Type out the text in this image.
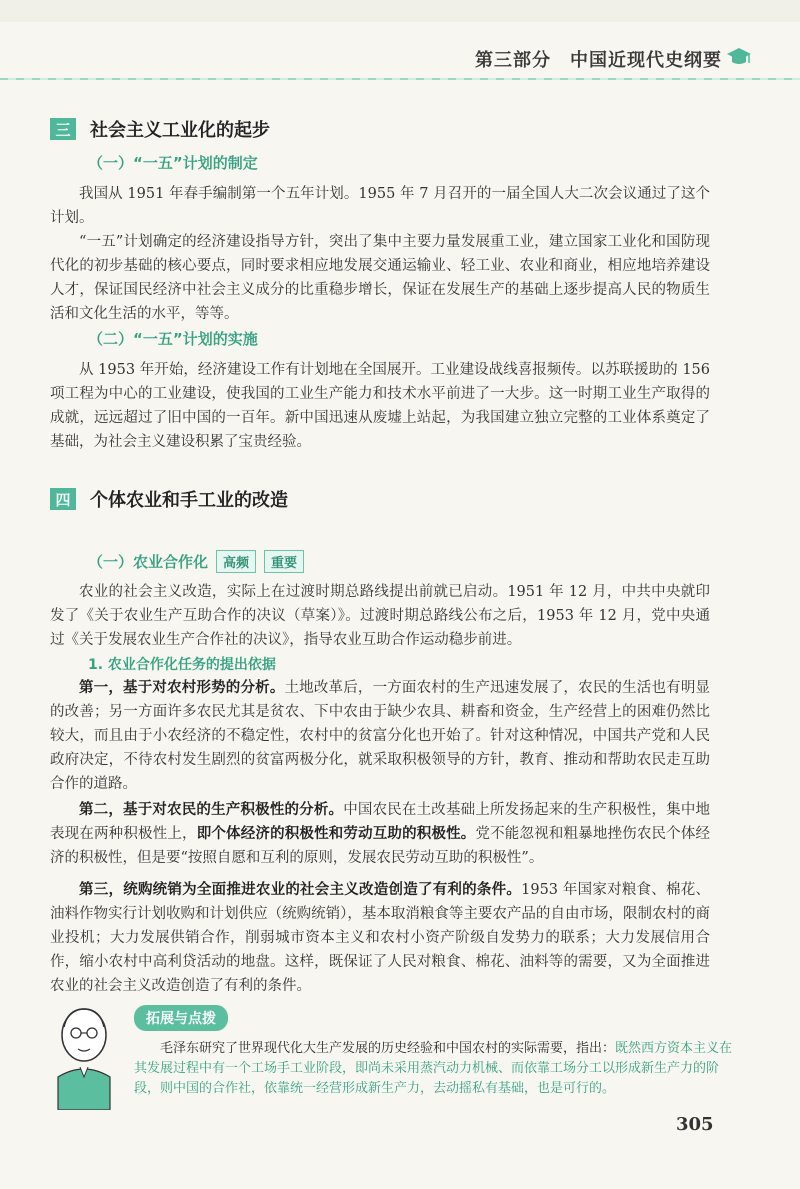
第三部分　中国近现代史纲要
三	社会主义工业化的起步
（一）“一五”计划的制定
我国从 1951 年春手编制第一个五年计划。1955 年 7 月召开的一届全国人大二次会议通过了这个计划。
“一五”计划确定的经济建设指导方针，突出了集中主要力量发展重工业，建立国家工业化和国防现代化的初步基础的核心要点，同时要求相应地发展交通运输业、轻工业、农业和商业，相应地培养建设人才，保证国民经济中社会主义成分的比重稳步增长，保证在发展生产的基础上逐步提高人民的物质生活和文化生活的水平，等等。
（二）“一五”计划的实施
从 1953 年开始，经济建设工作有计划地在全国展开。工业建设战线喜报频传。以苏联援助的 156 项工程为中心的工业建设，使我国的工业生产能力和技术水平前进了一大步。这一时期工业生产取得的成就，远远超过了旧中国的一百年。新中国迅速从废墟上站起，为我国建立独立完整的工业体系奠定了基础，为社会主义建设积累了宝贵经验。
四	个体农业和手工业的改造
（一）农业合作化	高频	重要
农业的社会主义改造，实际上在过渡时期总路线提出前就已启动。1951 年 12 月，中共中央就印发了《关于农业生产互助合作的决议（草案）》。过渡时期总路线公布之后，1953 年 12 月，党中央通过《关于发展农业生产合作社的决议》，指导农业互助合作运动稳步前进。
1. 农业合作化任务的提出依据
第一，基于对农村形势的分析。土地改革后，一方面农村的生产迅速发展了，农民的生活也有明显的改善；另一方面许多农民尤其是贫农、下中农由于缺少农具、耕畜和资金，生产经营上的困难仍然比较大，而且由于小农经济的不稳定性，农村中的贫富分化也开始了。针对这种情况，中国共产党和人民政府决定，不待农村发生剧烈的贫富两极分化，就采取积极领导的方针，教育、推动和帮助农民走互助合作的道路。
第二，基于对农民的生产积极性的分析。中国农民在土改基础上所发扬起来的生产积极性，集中地表现在两种积极性上，即个体经济的积极性和劳动互助的积极性。党不能忽视和粗暴地挫伤农民个体经济的积极性，但是要“按照自愿和互利的原则，发展农民劳动互助的积极性”。
第三，统购统销为全面推进农业的社会主义改造创造了有利的条件。1953 年国家对粮食、棉花、油料作物实行计划收购和计划供应（统购统销），基本取消粮食等主要农产品的自由市场，限制农村的商业投机；大力发展供销合作，削弱城市资本主义和农村小资产阶级自发势力的联系；大力发展信用合作，缩小农村中高利贷活动的地盘。这样，既保证了人民对粮食、棉花、油料等的需要，又为全面推进农业的社会主义改造创造了有利的条件。
拓展与点拨
毛泽东研究了世界现代化大生产发展的历史经验和中国农村的实际需要，指出：既然西方资本主义在其发展过程中有一个工场手工业阶段，即尚未采用蒸汽动力机械、而依靠工场分工以形成新生产力的阶段，则中国的合作社，依靠统一经营形成新生产力，去动摇私有基础，也是可行的。
305
